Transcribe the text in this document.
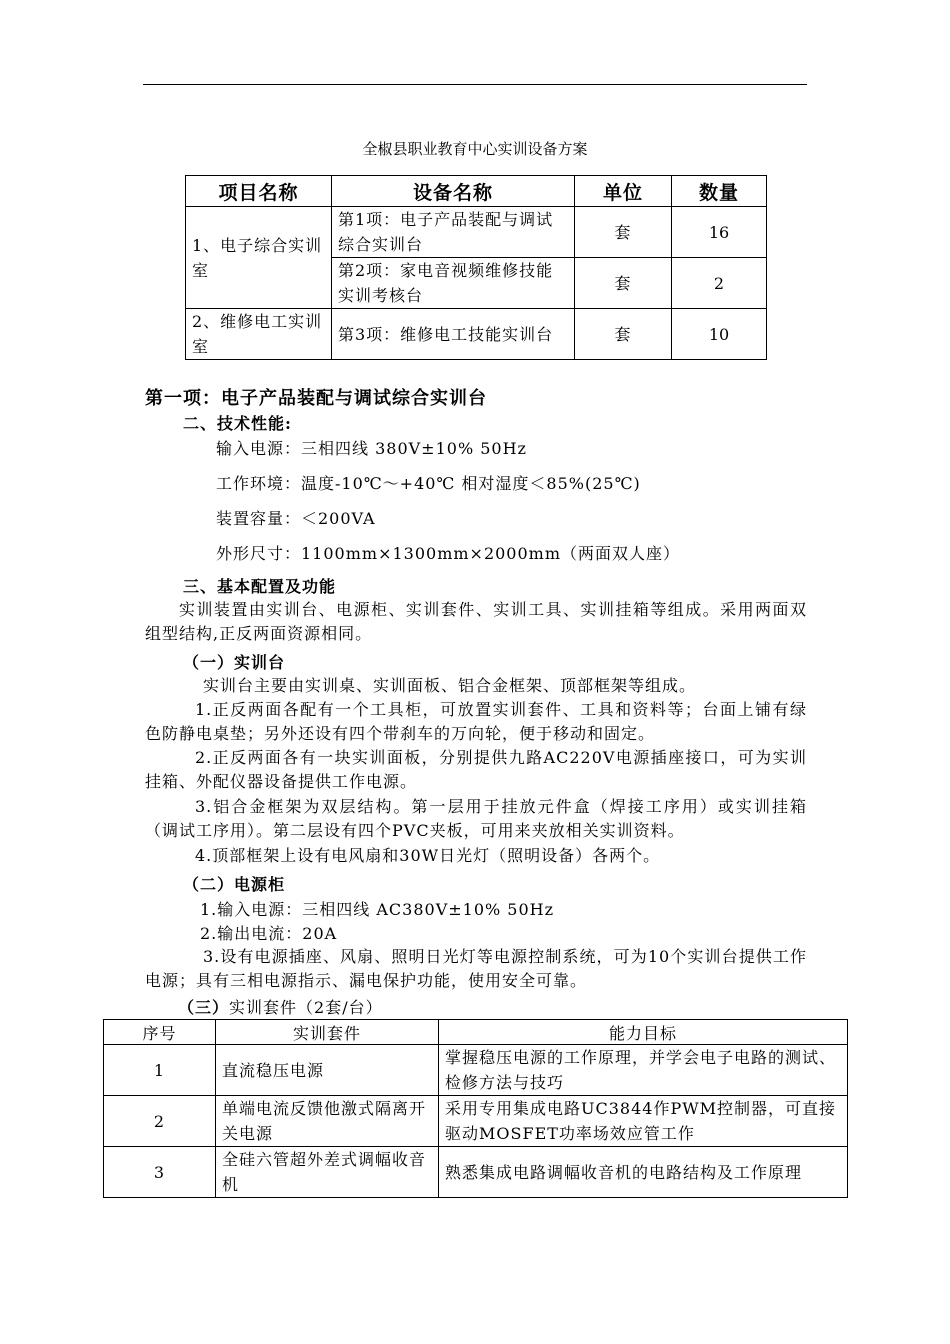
全椒县职业教育中心实训设备方案
项目名称	设备名称	单位	数量
1、电子综合实训室	第1项：电子产品装配与调试综合实训台	套	16
	第2项：家电音视频维修技能实训考核台	套	2
2、维修电工实训室	第3项：维修电工技能实训台	套	10
第一项：电子产品装配与调试综合实训台
二、技术性能:
输入电源：三相四线 380V±10% 50Hz
工作环境：温度-10℃～+40℃ 相对湿度＜85%(25℃)
装置容量：＜200VA
外形尺寸：1100mm×1300mm×2000mm（两面双人座）
三、基本配置及功能
实训装置由实训台、电源柜、实训套件、实训工具、实训挂箱等组成。采用两面双组型结构,正反两面资源相同。
（一）实训台
实训台主要由实训桌、实训面板、铝合金框架、顶部框架等组成。
1.正反两面各配有一个工具柜，可放置实训套件、工具和资料等；台面上铺有绿色防静电桌垫；另外还设有四个带刹车的万向轮，便于移动和固定。
2.正反两面各有一块实训面板，分别提供九路AC220V电源插座接口，可为实训挂箱、外配仪器设备提供工作电源。
3.铝合金框架为双层结构。第一层用于挂放元件盒（焊接工序用）或实训挂箱（调试工序用）。第二层设有四个PVC夹板，可用来夹放相关实训资料。
4.顶部框架上设有电风扇和30W日光灯（照明设备）各两个。
（二）电源柜
1.输入电源：三相四线 AC380V±10% 50Hz
2.输出电流：20A
3.设有电源插座、风扇、照明日光灯等电源控制系统，可为10个实训台提供工作电源；具有三相电源指示、漏电保护功能，使用安全可靠。
（三）实训套件（2套/台）
序号	实训套件	能力目标
1	直流稳压电源	掌握稳压电源的工作原理，并学会电子电路的测试、检修方法与技巧
2	单端电流反馈他激式隔离开关电源	采用专用集成电路UC3844作PWM控制器，可直接驱动MOSFET功率场效应管工作
3	全硅六管超外差式调幅收音机	熟悉集成电路调幅收音机的电路结构及工作原理
